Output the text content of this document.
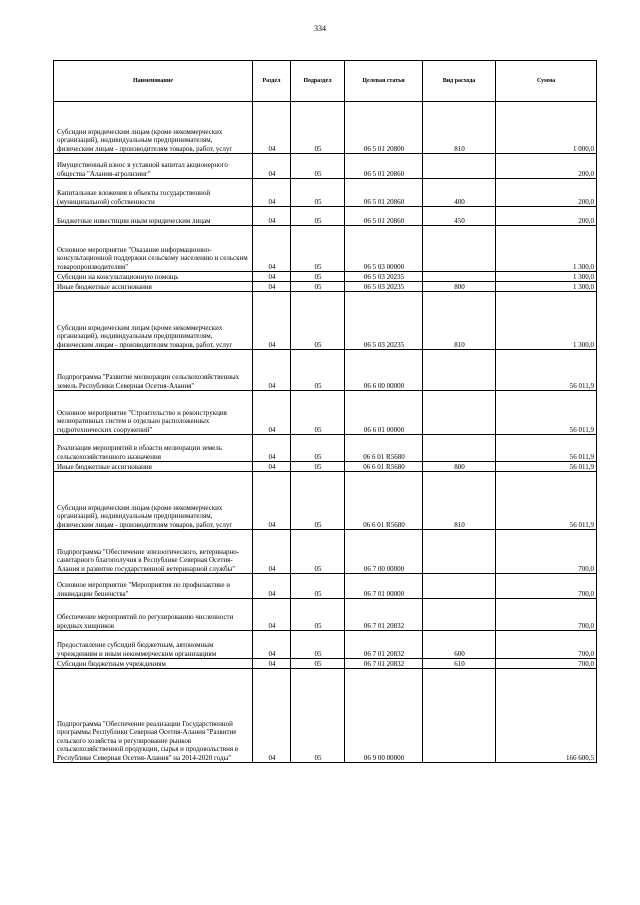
334
Наименование	Раздел	Подраздел	Целевая статья	Вид расхода	Сумма
Субсидии юридическим лицам (кроме некоммерческих организаций), индивидуальным предпринимателям, физическим лицам - производителям товаров, работ, услуг	04	05	06 5 01 20800	810	1 000,0
Имущественный взнос в уставной капитал акционерного общества "Алания-агролизинг"	04	05	06 5 01 20860		200,0
Капитальные вложения в объекты государственной (муниципальной) собственности	04	05	06 5 01 20860	400	200,0
Бюджетные инвестиции иным юридическим лицам	04	05	06 5 01 20860	450	200,0
Основное мероприятие "Оказание информационно-консультационной поддержки сельскому населению и сельским товаропроизводителям"	04	05	06 5 03 00000		1 300,0
Субсидии на консультационную помощь	04	05	06 5 03 20235		1 300,0
Иные бюджетные ассигнования	04	05	06 5 03 20235	800	1 300,0
Субсидии юридическим лицам (кроме некоммерческих организаций), индивидуальным предпринимателям, физическим лицам - производителям товаров, работ, услуг	04	05	06 5 03 20235	810	1 300,0
Подпрограмма "Развитие мелиорации сельскохозяйственных земель Республики Северная Осетия-Алания"	04	05	06 6 00 00000		56 011,9
Основное мероприятие "Строительство и реконструкция мелиоративных систем и отдельно расположенных гидротехнических сооружений"	04	05	06 6 01 00000		56 011,9
Реализация мероприятий в области мелиорации земель сельскохозяйственного назначения	04	05	06 6 01 R5680		56 011,9
Иные бюджетные ассигнования	04	05	06 6 01 R5680	800	56 011,9
Субсидии юридическим лицам (кроме некоммерческих организаций), индивидуальным предпринимателям, физическим лицам - производителям товаров, работ, услуг	04	05	06 6 01 R5680	810	56 011,9
Подпрограмма "Обеспечение эпизоотического, ветеринарно-санитарного благополучия в Республике Северная Осетия-Алания и развитие государственной ветеринарной службы"	04	05	06 7 00 00000		700,0
Основное мероприятие "Мероприятия по профилактике и ликвидации бешенства"	04	05	06 7 01 00000		700,0
Обеспечение мероприятий по регулированию численности вредных хищников	04	05	06 7 01 20832		700,0
Предоставление субсидий бюджетным, автономным учреждениям и иным некоммерческим организациям	04	05	06 7 01 20832	600	700,0
Субсидии бюджетным учреждениям	04	05	06 7 01 20832	610	700,0
Подпрограмма "Обеспечение реализации Государственной программы Республики Северная Осетия-Алания "Развитие сельского хозяйства и регулирование рынков сельскохозяйственной продукции, сырья и продовольствия в Республике Северная Осетия-Алания" на 2014-2020 годы"	04	05	06 9 00 00000		166 600,5
